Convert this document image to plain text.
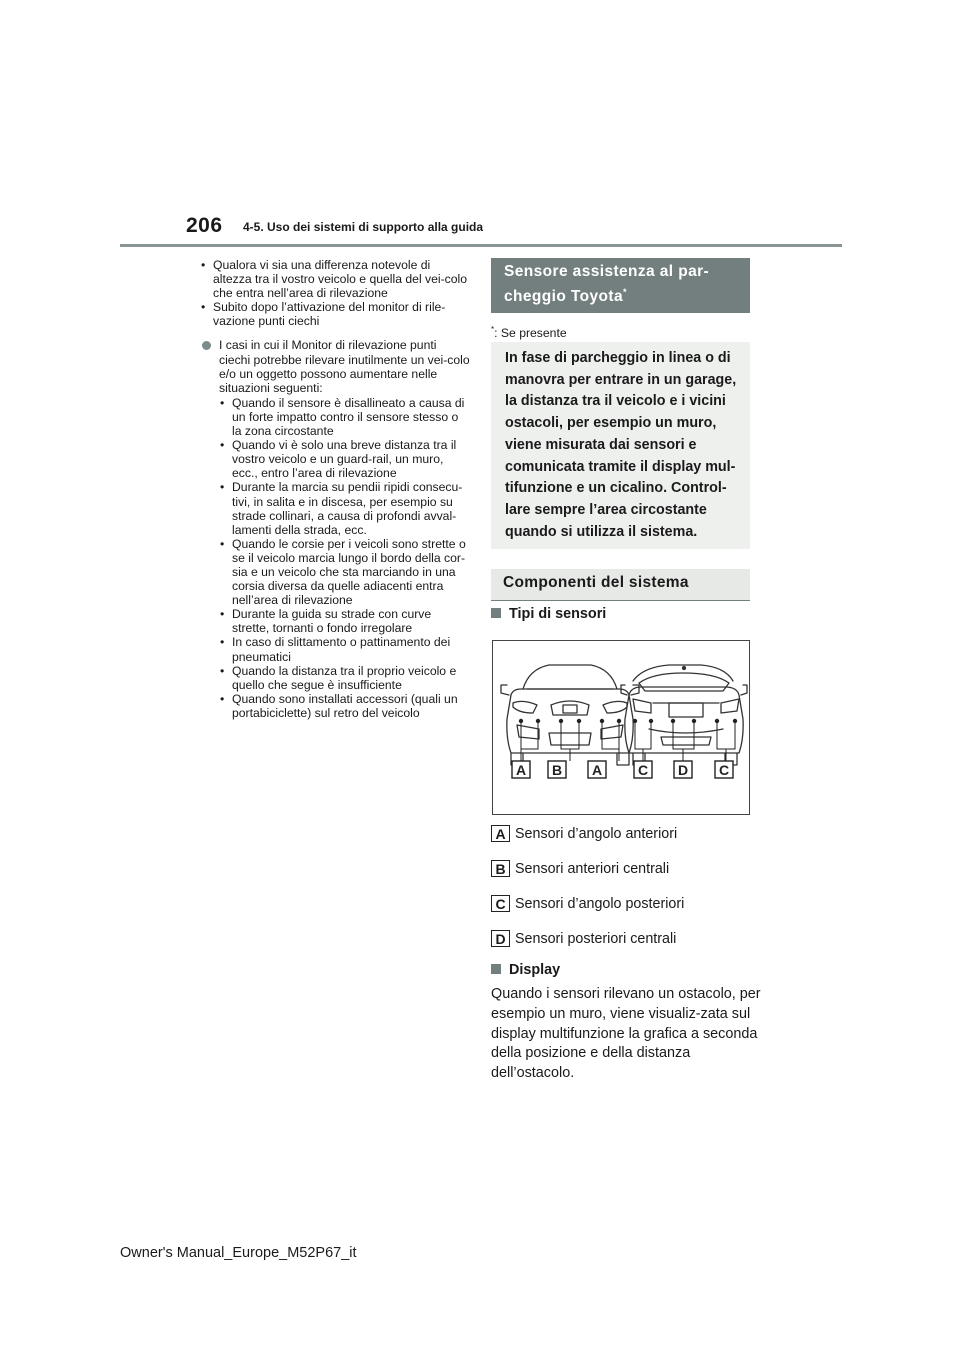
206 4-5. Uso dei sistemi di supporto alla guida
• Qualora vi sia una differenza notevole di altezza tra il vostro veicolo e quella del vei-colo che entra nell’area di rilevazione
• Subito dopo l’attivazione del monitor di rile-vazione punti ciechi
I casi in cui il Monitor di rilevazione punti ciechi potrebbe rilevare inutilmente un vei-colo e/o un oggetto possono aumentare nelle situazioni seguenti:
• Quando il sensore è disallineato a causa di un forte impatto contro il sensore stesso o la zona circostante
• Quando vi è solo una breve distanza tra il vostro veicolo e un guard-rail, un muro, ecc., entro l’area di rilevazione
• Durante la marcia su pendii ripidi consecu-tivi, in salita e in discesa, per esempio su strade collinari, a causa di profondi avval-lamenti della strada, ecc.
• Quando le corsie per i veicoli sono strette o se il veicolo marcia lungo il bordo della cor-sia e un veicolo che sta marciando in una corsia diversa da quelle adiacenti entra nell’area di rilevazione
• Durante la guida su strade con curve strette, tornanti o fondo irregolare
• In caso di slittamento o pattinamento dei pneumatici
• Quando la distanza tra il proprio veicolo e quello che segue è insufficiente
• Quando sono installati accessori (quali un portabiciclette) sul retro del veicolo
Sensore assistenza al par-
cheggio Toyota*
*: Se presente

In fase di parcheggio in linea o di manovra per entrare in un garage, la distanza tra il veicolo e i vicini ostacoli, per esempio un muro, viene misurata dai sensori e comunicata tramite il display mul-tifunzione e un cicalino. Control-lare sempre l’area circostante quando si utilizza il sistema.

Componenti del sistema
Tipi di sensori
A B A	C D C
A Sensori d’angolo anteriori
B Sensori anteriori centrali
C Sensori d’angolo posteriori
D Sensori posteriori centrali
Display

Quando i sensori rilevano un ostacolo, per esempio un muro, viene visualiz-zata sul display multifunzione la grafica a seconda della posizione e della distanza dell’ostacolo.

Owner's Manual_Europe_M52P67_it
